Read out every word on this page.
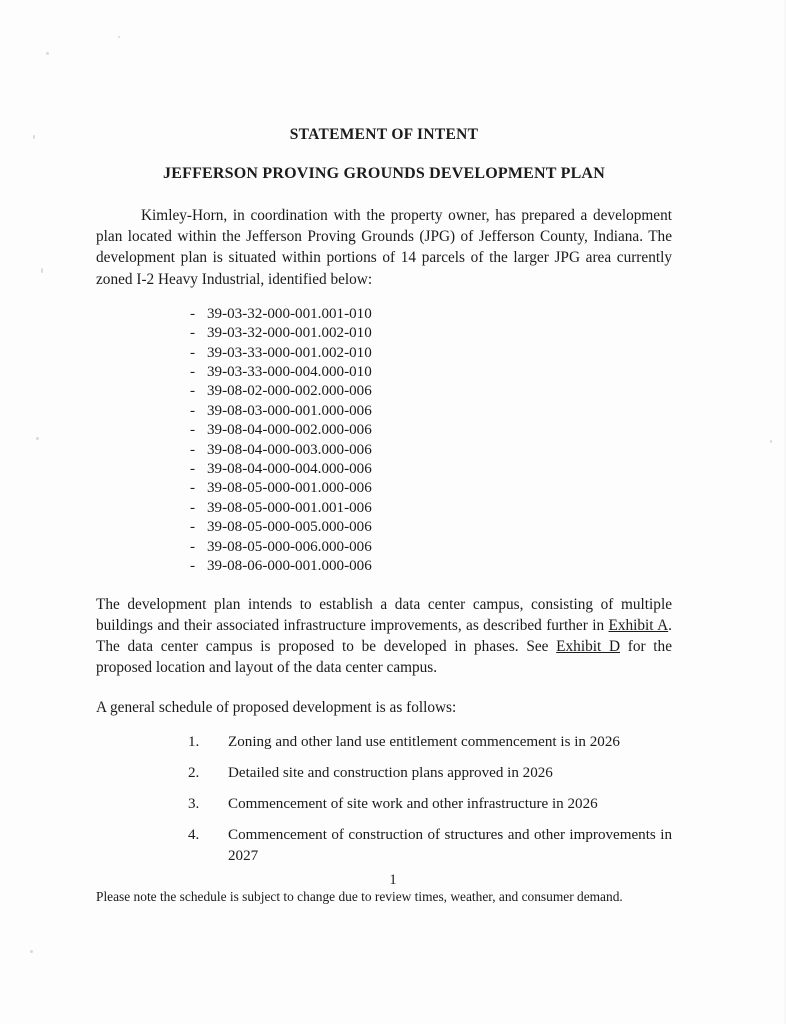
STATEMENT OF INTENT
JEFFERSON PROVING GROUNDS DEVELOPMENT PLAN

Kimley-Horn, in coordination with the property owner, has prepared a development plan located within the Jefferson Proving Grounds (JPG) of Jefferson County, Indiana. The development plan is situated within portions of 14 parcels of the larger JPG area currently zoned I-2 Heavy Industrial, identified below:

- 39-03-32-000-001.001-010
- 39-03-32-000-001.002-010
- 39-03-33-000-001.002-010
- 39-03-33-000-004.000-010
- 39-08-02-000-002.000-006
- 39-08-03-000-001.000-006
- 39-08-04-000-002.000-006
- 39-08-04-000-003.000-006
- 39-08-04-000-004.000-006
- 39-08-05-000-001.000-006
- 39-08-05-000-001.001-006
- 39-08-05-000-005.000-006
- 39-08-05-000-006.000-006
- 39-08-06-000-001.000-006

The development plan intends to establish a data center campus, consisting of multiple buildings and their associated infrastructure improvements, as described further in Exhibit A. The data center campus is proposed to be developed in phases. See Exhibit D for the proposed location and layout of the data center campus.

A general schedule of proposed development is as follows:

1. Zoning and other land use entitlement commencement is in 2026
2. Detailed site and construction plans approved in 2026
3. Commencement of site work and other infrastructure in 2026
4. Commencement of construction of structures and other improvements in 2027

Please note the schedule is subject to change due to review times, weather, and consumer demand.

1
